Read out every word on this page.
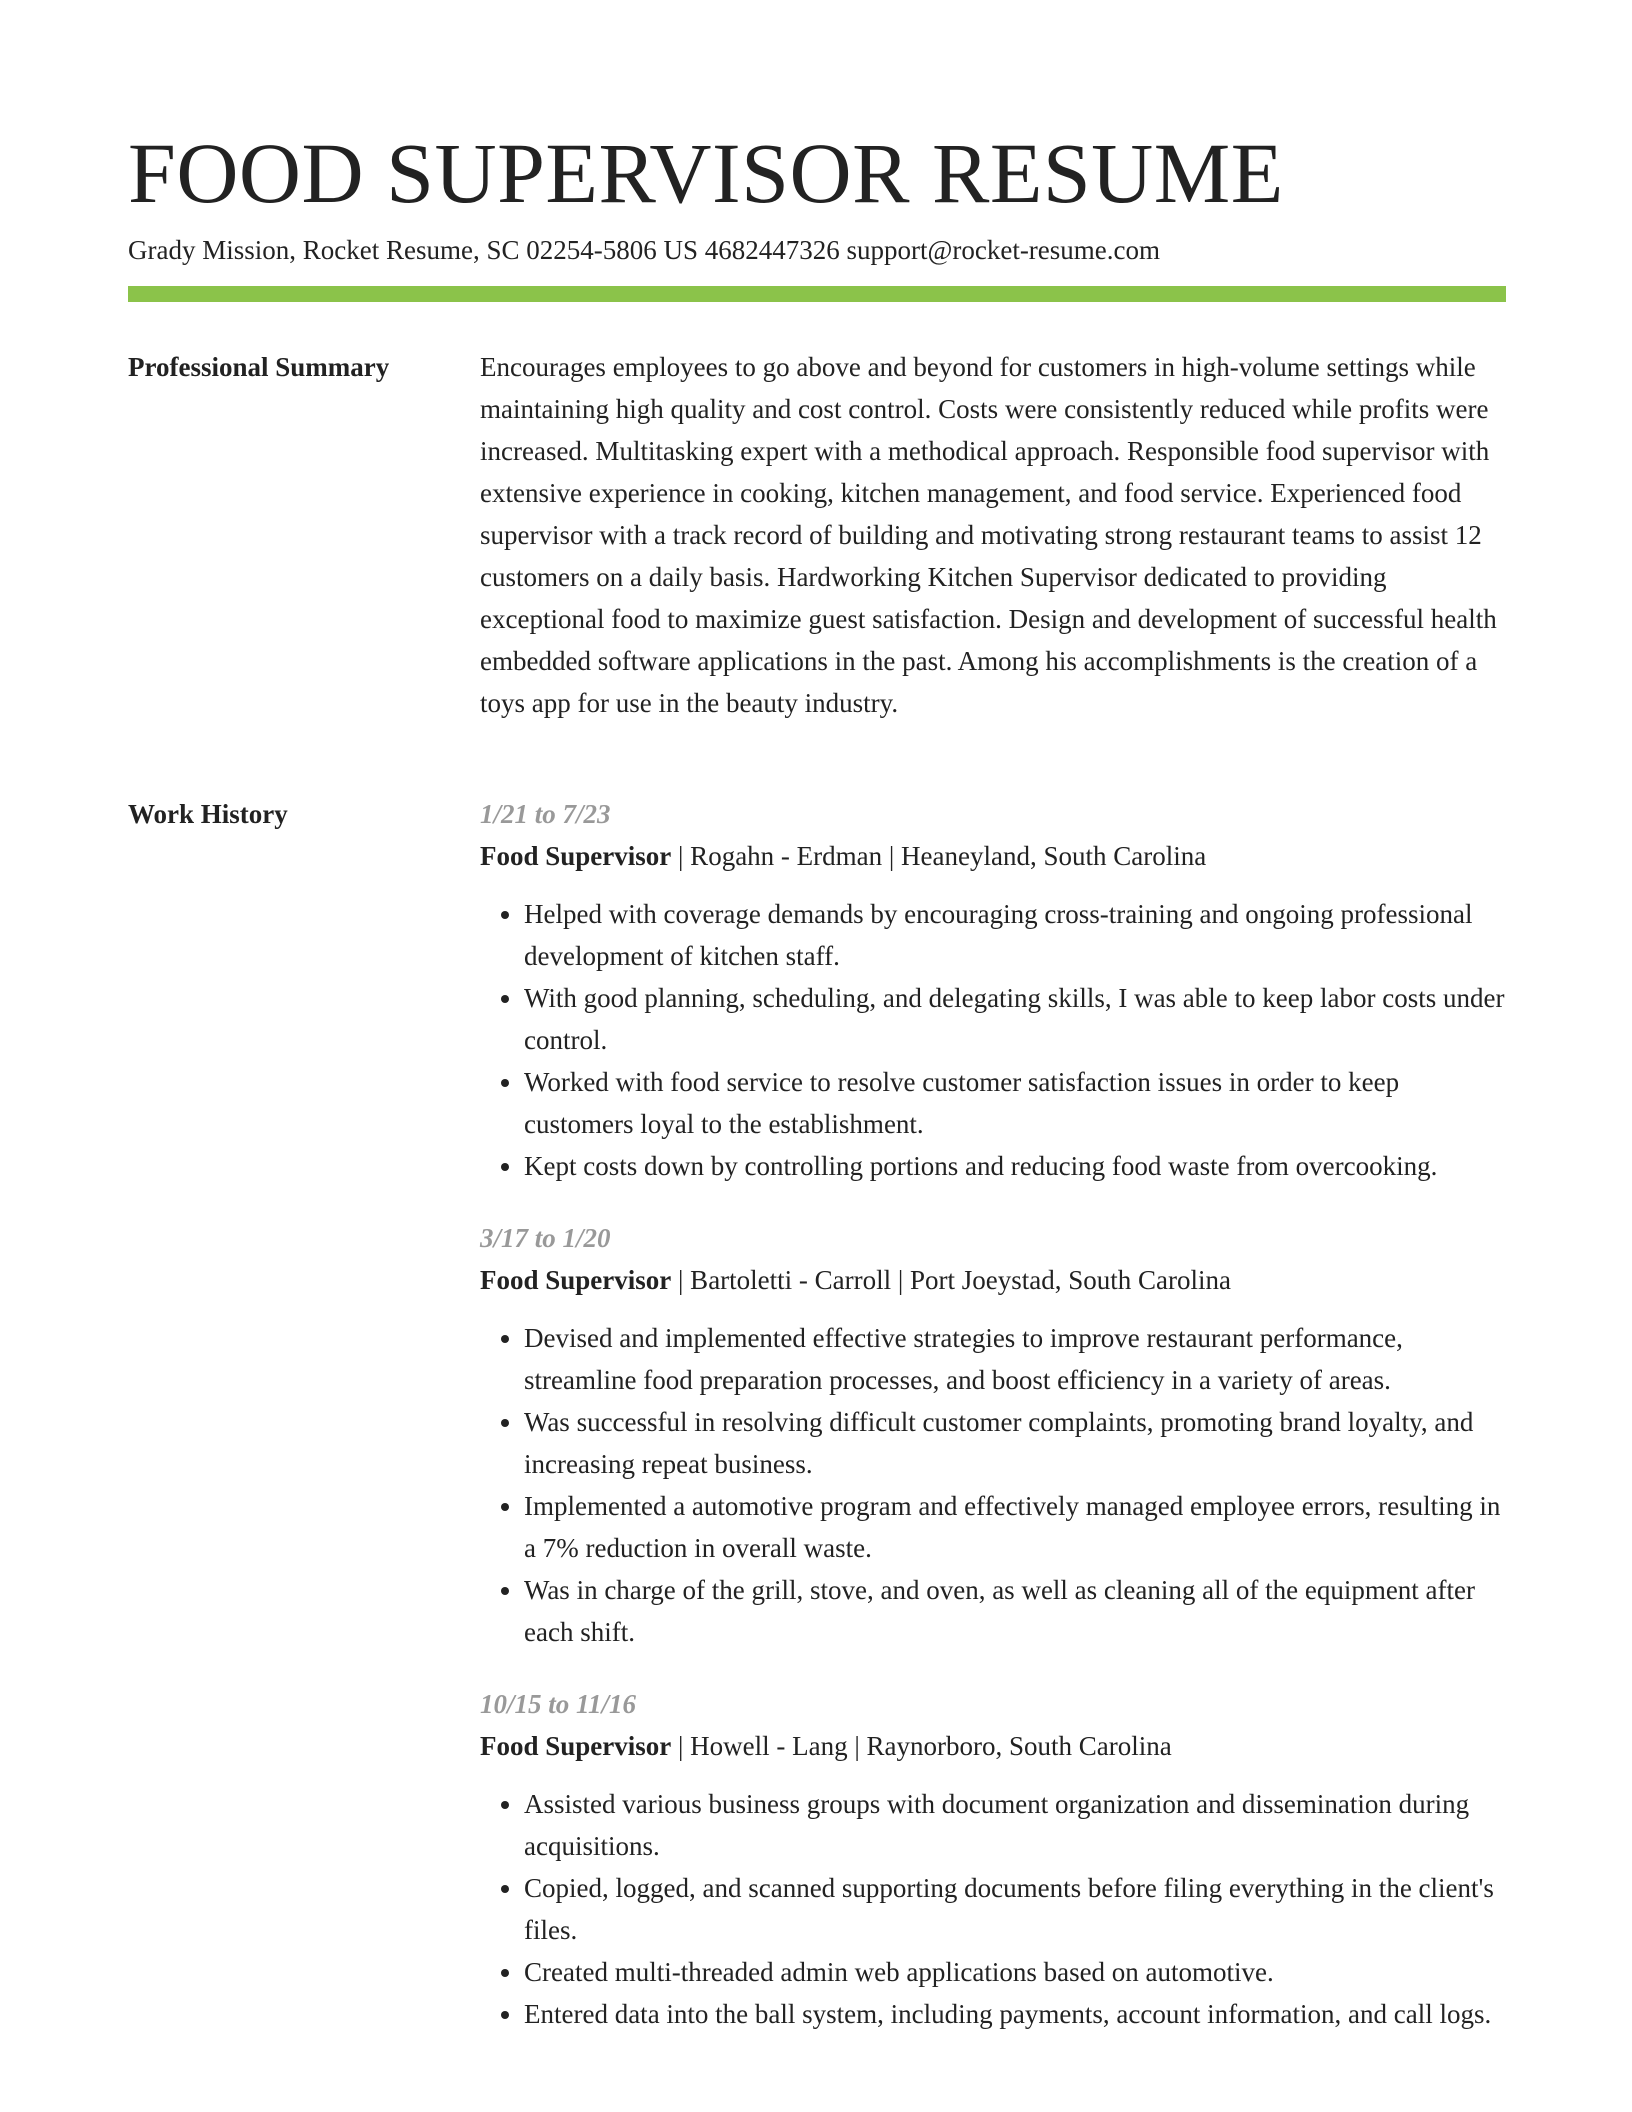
FOOD SUPERVISOR RESUME
Grady Mission, Rocket Resume, SC 02254-5806 US 4682447326 support@rocket-resume.com
Professional Summary	Encourages employees to go above and beyond for customers in high-volume settings while maintaining high quality and cost control. Costs were consistently reduced while profits were increased. Multitasking expert with a methodical approach. Responsible food supervisor with extensive experience in cooking, kitchen management, and food service. Experienced food supervisor with a track record of building and motivating strong restaurant teams to assist 12 customers on a daily basis. Hardworking Kitchen Supervisor dedicated to providing exceptional food to maximize guest satisfaction. Design and development of successful health embedded software applications in the past. Among his accomplishments is the creation of a toys app for use in the beauty industry.

Work History	1/21 to 7/23
Food Supervisor | Rogahn - Erdman | Heaneyland, South Carolina
• Helped with coverage demands by encouraging cross-training and ongoing professional development of kitchen staff.
• With good planning, scheduling, and delegating skills, I was able to keep labor costs under control.
• Worked with food service to resolve customer satisfaction issues in order to keep customers loyal to the establishment.
• Kept costs down by controlling portions and reducing food waste from overcooking.
3/17 to 1/20
Food Supervisor | Bartoletti - Carroll | Port Joeystad, South Carolina
• Devised and implemented effective strategies to improve restaurant performance, streamline food preparation processes, and boost efficiency in a variety of areas.
• Was successful in resolving difficult customer complaints, promoting brand loyalty, and increasing repeat business.
• Implemented a automotive program and effectively managed employee errors, resulting in a 7% reduction in overall waste.
• Was in charge of the grill, stove, and oven, as well as cleaning all of the equipment after each shift.
10/15 to 11/16
Food Supervisor | Howell - Lang | Raynorboro, South Carolina
• Assisted various business groups with document organization and dissemination during acquisitions.
• Copied, logged, and scanned supporting documents before filing everything in the client's files.
• Created multi-threaded admin web applications based on automotive.
• Entered data into the ball system, including payments, account information, and call logs.
